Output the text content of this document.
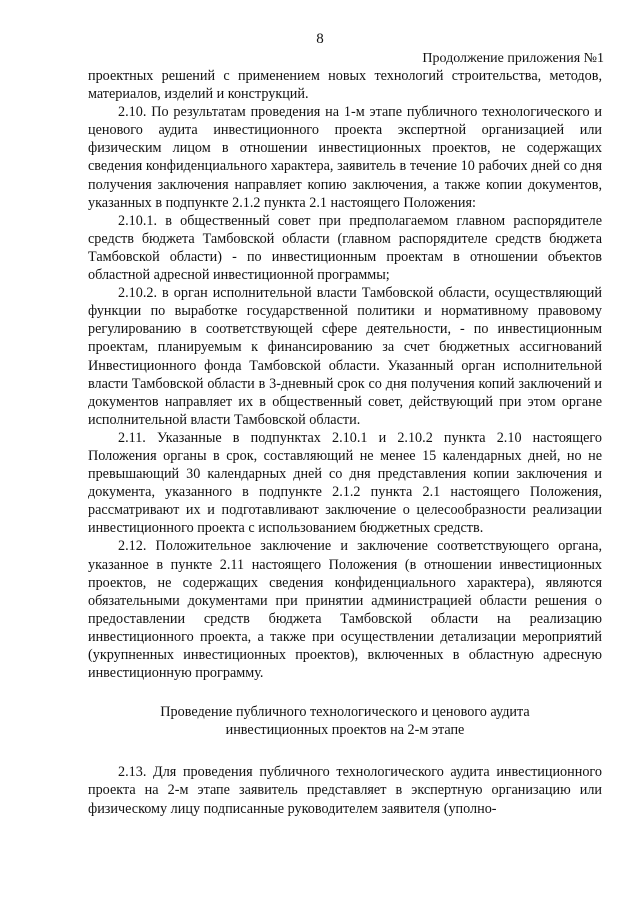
8
Продолжение приложения №1

проектных решений с применением новых технологий строительства, методов, материалов, изделий и конструкций.

2.10. По результатам проведения на 1-м этапе публичного технологического и ценового аудита инвестиционного проекта экспертной организацией или физическим лицом в отношении инвестиционных проектов, не содержащих сведения конфиденциального характера, заявитель в течение 10 рабочих дней со дня получения заключения направляет копию заключения, а также копии документов, указанных в подпункте 2.1.2 пункта 2.1 настоящего Положения:

2.10.1. в общественный совет при предполагаемом главном распорядителе средств бюджета Тамбовской области (главном распорядителе средств бюджета Тамбовской области) - по инвестиционным проектам в отношении объектов областной адресной инвестиционной программы;

2.10.2. в орган исполнительной власти Тамбовской области, осуществляющий функции по выработке государственной политики и нормативному правовому регулированию в соответствующей сфере деятельности, - по инвестиционным проектам, планируемым к финансированию за счет бюджетных ассигнований Инвестиционного фонда Тамбовской области. Указанный орган исполнительной власти Тамбовской области в 3-дневный срок со дня получения копий заключений и документов направляет их в общественный совет, действующий при этом органе исполнительной власти Тамбовской области.

2.11. Указанные в подпунктах 2.10.1 и 2.10.2 пункта 2.10 настоящего Положения органы в срок, составляющий не менее 15 календарных дней, но не превышающий 30 календарных дней со дня представления копии заключения и документа, указанного в подпункте 2.1.2 пункта 2.1 настоящего Положения, рассматривают их и подготавливают заключение о целесообразности реализации инвестиционного проекта с использованием бюджетных средств.

2.12. Положительное заключение и заключение соответствующего органа, указанное в пункте 2.11 настоящего Положения (в отношении инвестиционных проектов, не содержащих сведения конфиденциального характера), являются обязательными документами при принятии администрацией области решения о предоставлении средств бюджета Тамбовской области на реализацию инвестиционного проекта, а также при осуществлении детализации мероприятий (укрупненных инвестиционных проектов), включенных в областную адресную инвестиционную программу.

Проведение публичного технологического и ценового аудита
инвестиционных проектов на 2-м этапе

2.13. Для проведения публичного технологического аудита инвестиционного проекта на 2-м этапе заявитель представляет в экспертную организацию или физическому лицу подписанные руководителем заявителя (уполно-
